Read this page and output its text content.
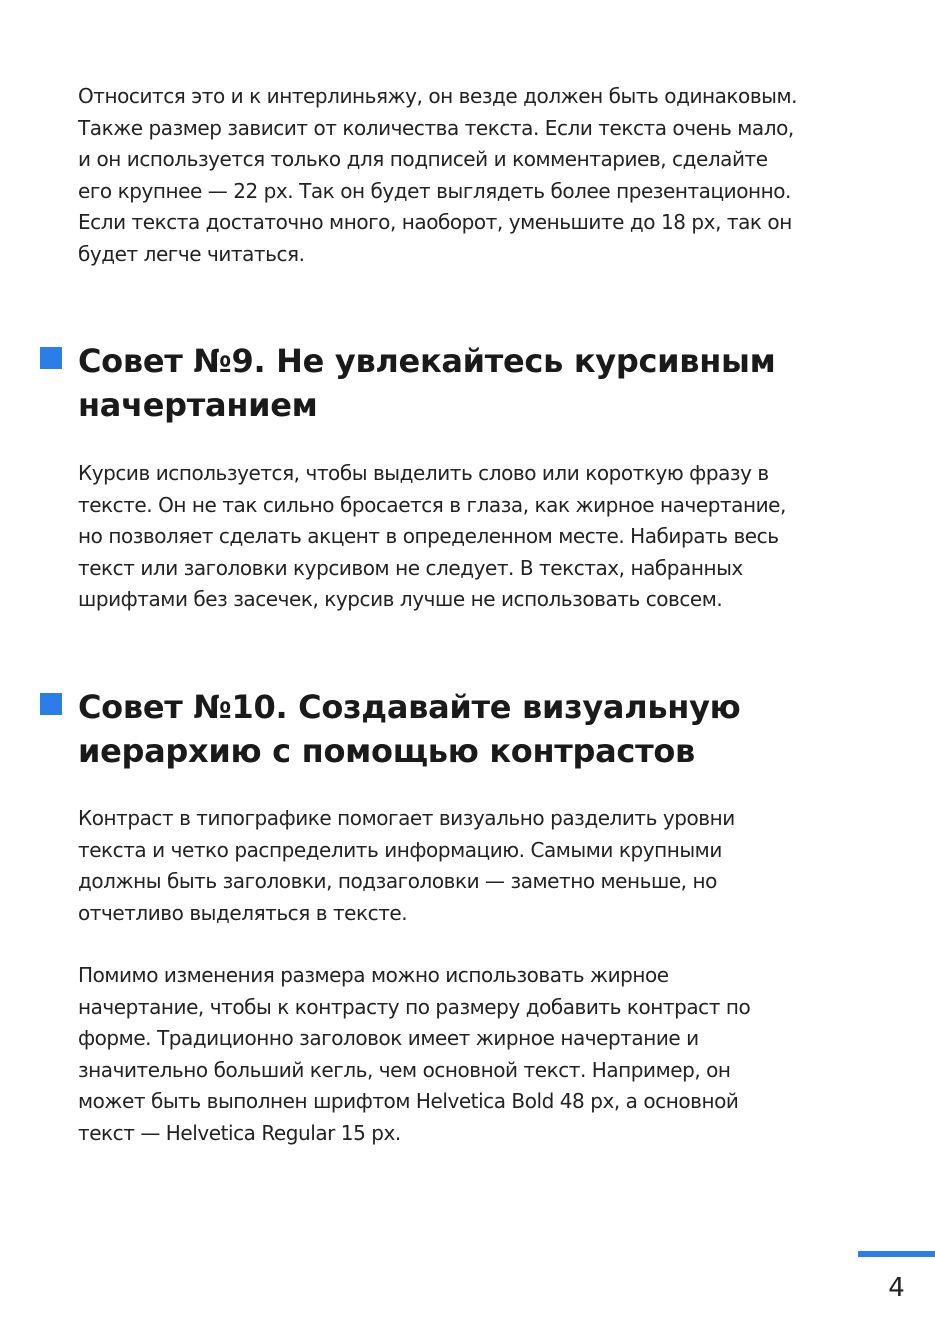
Относится это и к интерлиньяжу, он везде должен быть одинаковым.
Также размер зависит от количества текста. Если текста очень мало,
и он используется только для подписей и комментариев, сделайте
его крупнее — 22 px. Так он будет выглядеть более презентационно.
Если текста достаточно много, наоборот, уменьшите до 18 px, так он
будет легче читаться.

Совет №9. Не увлекайтесь курсивным
начертанием

Курсив используется, чтобы выделить слово или короткую фразу в
тексте. Он не так сильно бросается в глаза, как жирное начертание,
но позволяет сделать акцент в определенном месте. Набирать весь
текст или заголовки курсивом не следует. В текстах, набранных
шрифтами без засечек, курсив лучше не использовать совсем.

Совет №10. Создавайте визуальную
иерархию с помощью контрастов

Контраст в типографике помогает визуально разделить уровни
текста и четко распределить информацию. Самыми крупными
должны быть заголовки, подзаголовки — заметно меньше, но
отчетливо выделяться в тексте.

Помимо изменения размера можно использовать жирное
начертание, чтобы к контрасту по размеру добавить контраст по
форме. Традиционно заголовок имеет жирное начертание и
значительно больший кегль, чем основной текст. Например, он
может быть выполнен шрифтом Helvetica Bold 48 px, а основной
текст — Helvetica Regular 15 px.

4
